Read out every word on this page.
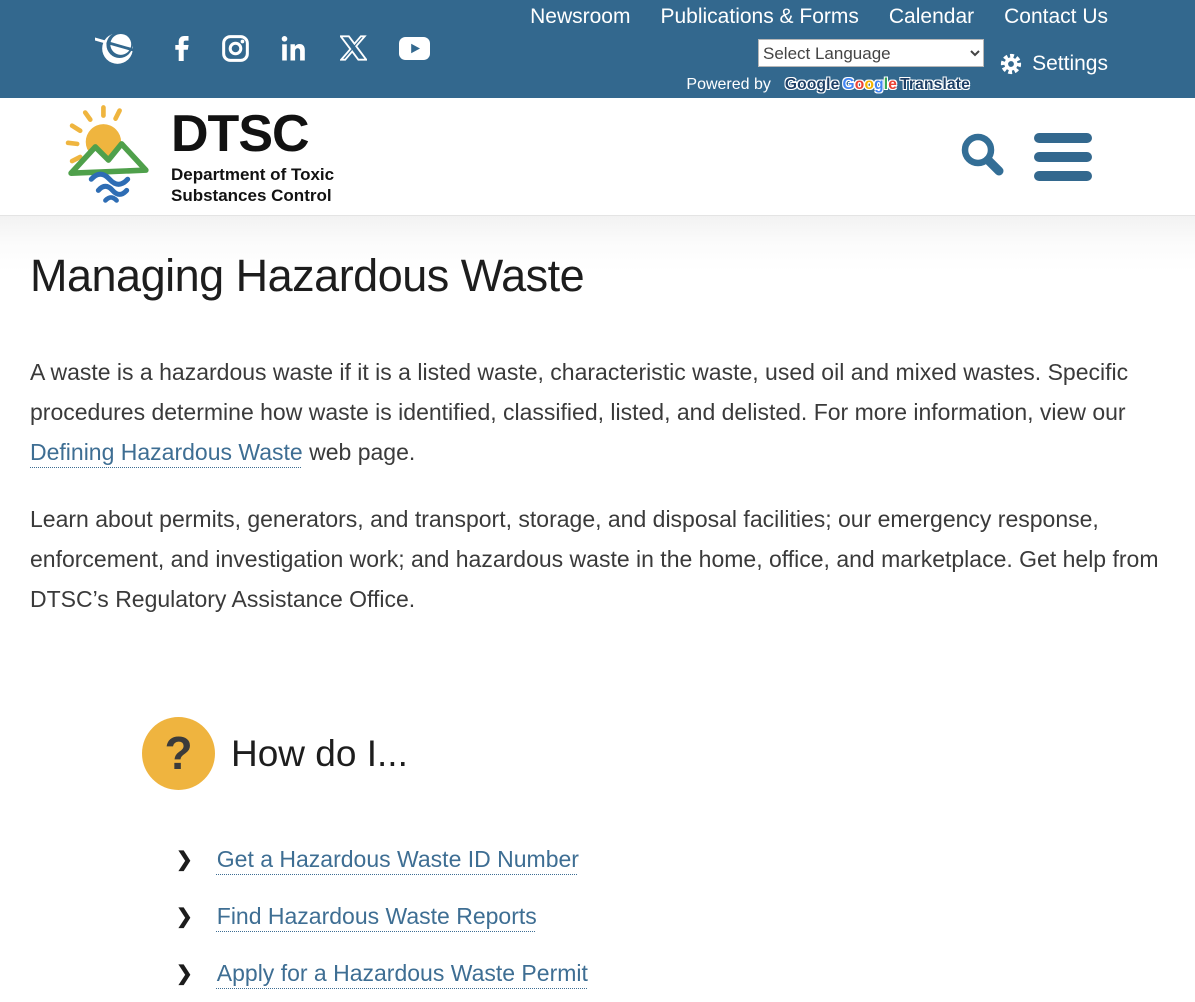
Newsroom Publications & Forms Calendar Contact Us
Select Language
Settings
Powered by Google Google Translate
DTSC
Department of Toxic
Substances Control
Managing Hazardous Waste

A waste is a hazardous waste if it is a listed waste, characteristic waste, used oil and mixed wastes. Specific procedures determine how waste is identified, classified, listed, and delisted. For more information, view our Defining Hazardous Waste web page.

Learn about permits, generators, and transport, storage, and disposal facilities; our emergency response, enforcement, and investigation work; and hazardous waste in the home, office, and marketplace. Get help from DTSC’s Regulatory Assistance Office.

? How do I...
❯ Get a Hazardous Waste ID Number
❯ Find Hazardous Waste Reports
❯ Apply for a Hazardous Waste Permit
